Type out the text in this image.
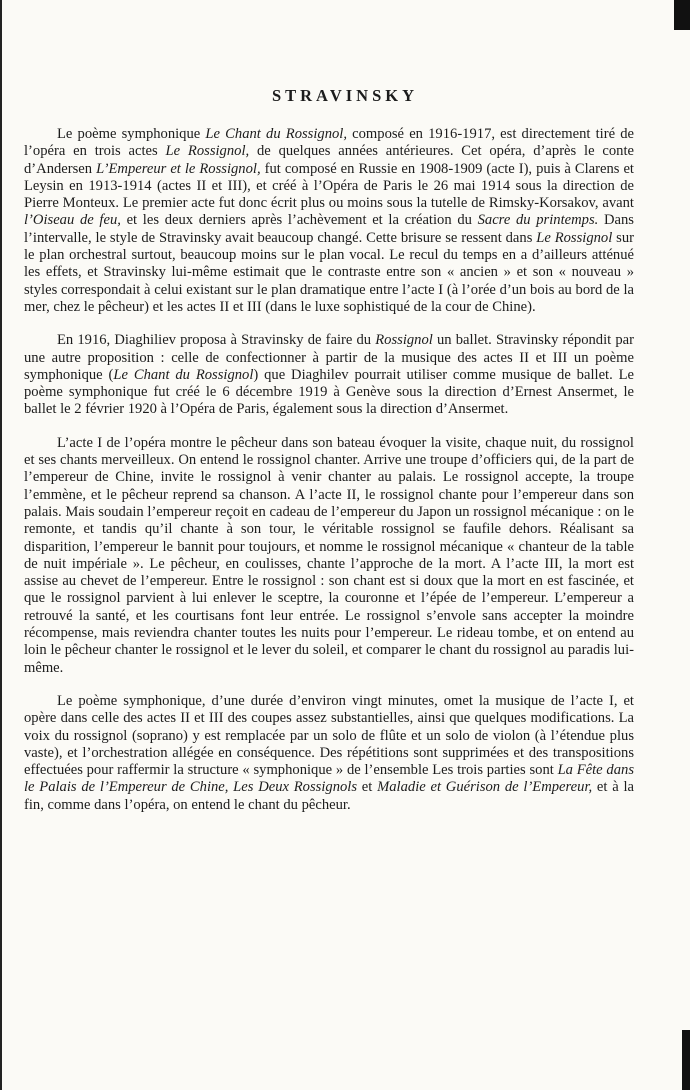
STRAVINSKY

Le poème symphonique Le Chant du Rossignol, composé en 1916-1917, est directement tiré de l’opéra en trois actes Le Rossignol, de quelques années antérieures. Cet opéra, d’après le conte d’Andersen L’Empereur et le Rossignol, fut composé en Russie en 1908-1909 (acte I), puis à Clarens et Leysin en 1913-1914 (actes II et III), et créé à l’Opéra de Paris le 26 mai 1914 sous la direction de Pierre Monteux. Le premier acte fut donc écrit plus ou moins sous la tutelle de Rimsky-Korsakov, avant l’Oiseau de feu, et les deux derniers après l’achèvement et la création du Sacre du printemps. Dans l’intervalle, le style de Stravinsky avait beaucoup changé. Cette brisure se ressent dans Le Rossignol sur le plan orchestral surtout, beaucoup moins sur le plan vocal. Le recul du temps en a d’ailleurs atténué les effets, et Stravinsky lui-même estimait que le contraste entre son « ancien » et son « nouveau » styles correspondait à celui existant sur le plan dramatique entre l’acte I (à l’orée d’un bois au bord de la mer, chez le pêcheur) et les actes II et III (dans le luxe sophistiqué de la cour de Chine).

En 1916, Diaghiliev proposa à Stravinsky de faire du Rossignol un ballet. Stravinsky répondit par une autre proposition : celle de confectionner à partir de la musique des actes II et III un poème symphonique (Le Chant du Rossignol) que Diaghilev pourrait utiliser comme musique de ballet. Le poème symphonique fut créé le 6 décembre 1919 à Genève sous la direction d’Ernest Ansermet, le ballet le 2 février 1920 à l’Opéra de Paris, également sous la direction d’Ansermet.

L’acte I de l’opéra montre le pêcheur dans son bateau évoquer la visite, chaque nuit, du rossignol et ses chants merveilleux. On entend le rossignol chanter. Arrive une troupe d’officiers qui, de la part de l’empereur de Chine, invite le rossignol à venir chanter au palais. Le rossignol accepte, la troupe l’emmène, et le pêcheur reprend sa chanson. A l’acte II, le rossignol chante pour l’empereur dans son palais. Mais soudain l’empereur reçoit en cadeau de l’empereur du Japon un rossignol mécanique : on le remonte, et tandis qu’il chante à son tour, le véritable rossignol se faufile dehors. Réalisant sa disparition, l’empereur le bannit pour toujours, et nomme le rossignol mécanique « chanteur de la table de nuit impériale ». Le pêcheur, en coulisses, chante l’approche de la mort. A l’acte III, la mort est assise au chevet de l’empereur. Entre le rossignol : son chant est si doux que la mort en est fascinée, et que le rossignol parvient à lui enlever le sceptre, la couronne et l’épée de l’empereur. L’empereur a retrouvé la santé, et les courtisans font leur entrée. Le rossignol s’envole sans accepter la moindre récompense, mais reviendra chanter toutes les nuits pour l’empereur. Le rideau tombe, et on entend au loin le pêcheur chanter le rossignol et le lever du soleil, et comparer le chant du rossignol au paradis lui-même.

Le poème symphonique, d’une durée d’environ vingt minutes, omet la musique de l’acte I, et opère dans celle des actes II et III des coupes assez substantielles, ainsi que quelques modifications. La voix du rossignol (soprano) y est remplacée par un solo de flûte et un solo de violon (à l’étendue plus vaste), et l’orchestration allégée en conséquence. Des répétitions sont supprimées et des transpositions effectuées pour raffermir la structure « symphonique » de l’ensemble Les trois parties sont La Fête dans le Palais de l’Empereur de Chine, Les Deux Rossignols et Maladie et Guérison de l’Empereur, et à la fin, comme dans l’opéra, on entend le chant du pêcheur.
